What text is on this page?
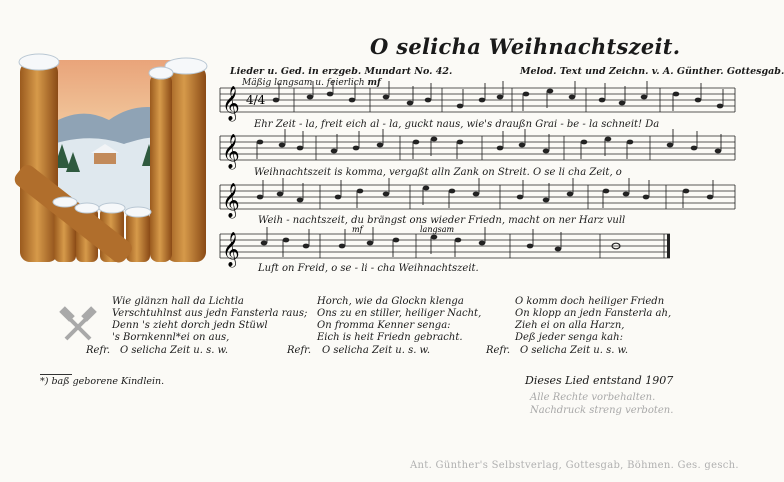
O selicha Weihnachtszeit.
Lieder u. Ged. in erzgeb. Mundart No. 42.	Melod. Text und Zeichn. v. A. Günther. Gottesgab.
Mäßig langsam u. feierlich mf
𝄞 4/4
Ehr Zeit - la, freit eich al - la, guckt naus, wie's draußn Grai - be - la schneit! Da
𝄞
Weihnachtszeit is komma, vergaßt alln Zank on Streit. O se li cha Zeit, o
𝄞
Weih - nachtszeit, du brängst ons wieder Friedn, macht on ner Harz vull
mf	langsam
𝄞
Luft on Freid, o se - li - cha Weihnachtszeit.
Wie glänzn hall da Lichtla
Verschtuhlnst aus jedn Fansterla raus;
Denn 's zieht dorch jedn Stüwl
's Bornkennl*ei on aus,
Refr. O selicha Zeit u. s. w.
Horch, wie da Glockn klenga
Ons zu en stiller, heiliger Nacht,
On fromma Kenner senga:
Eich is heit Friedn gebracht.
Refr. O selicha Zeit u. s. w.
O komm doch heiliger Friedn
On klopp an jedn Fansterla ah,
Zieh ei on alla Harzn,
Deß jeder senga kah:
Refr. O selicha Zeit u. s. w.
*) baß geborene Kindlein.	Dieses Lied entstand 1907
Alle Rechte vorbehalten.
Nachdruck streng verboten.
Ant. Günther's Selbstverlag, Gottesgab, Böhmen. Ges. gesch.
